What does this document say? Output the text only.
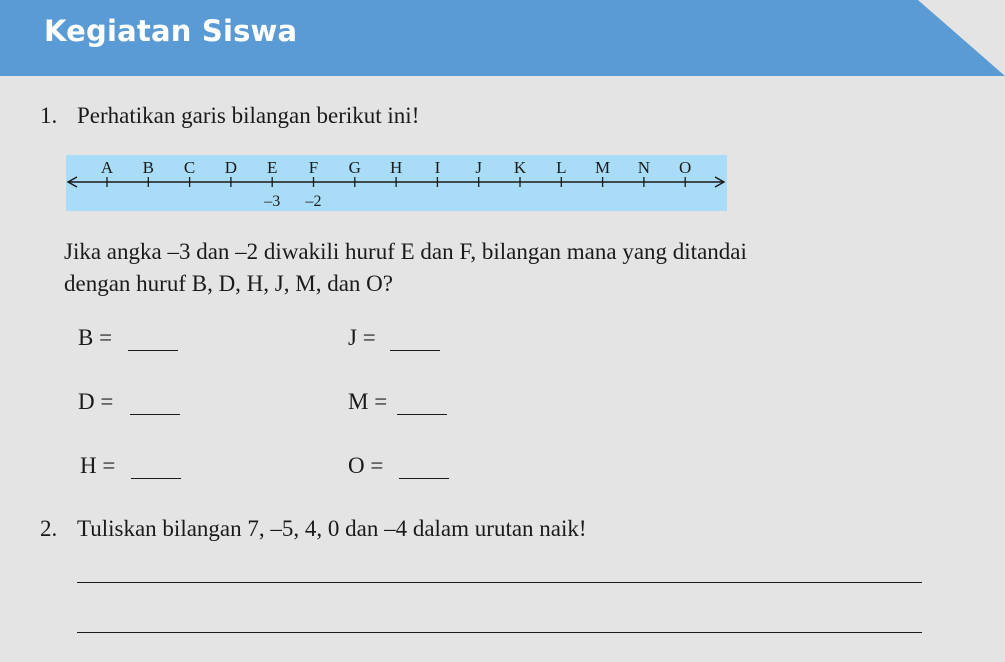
Kegiatan Siswa
1. Perhatikan garis bilangan berikut ini!
A B C D E F G H I J K L M N O
–3 –2
Jika angka –3 dan –2 diwakili huruf E dan F, bilangan mana yang ditandai
dengan huruf B, D, H, J, M, dan O?
B =	J =
D =	M =
H =	O =
2. Tuliskan bilangan 7, –5, 4, 0 dan –4 dalam urutan naik!
